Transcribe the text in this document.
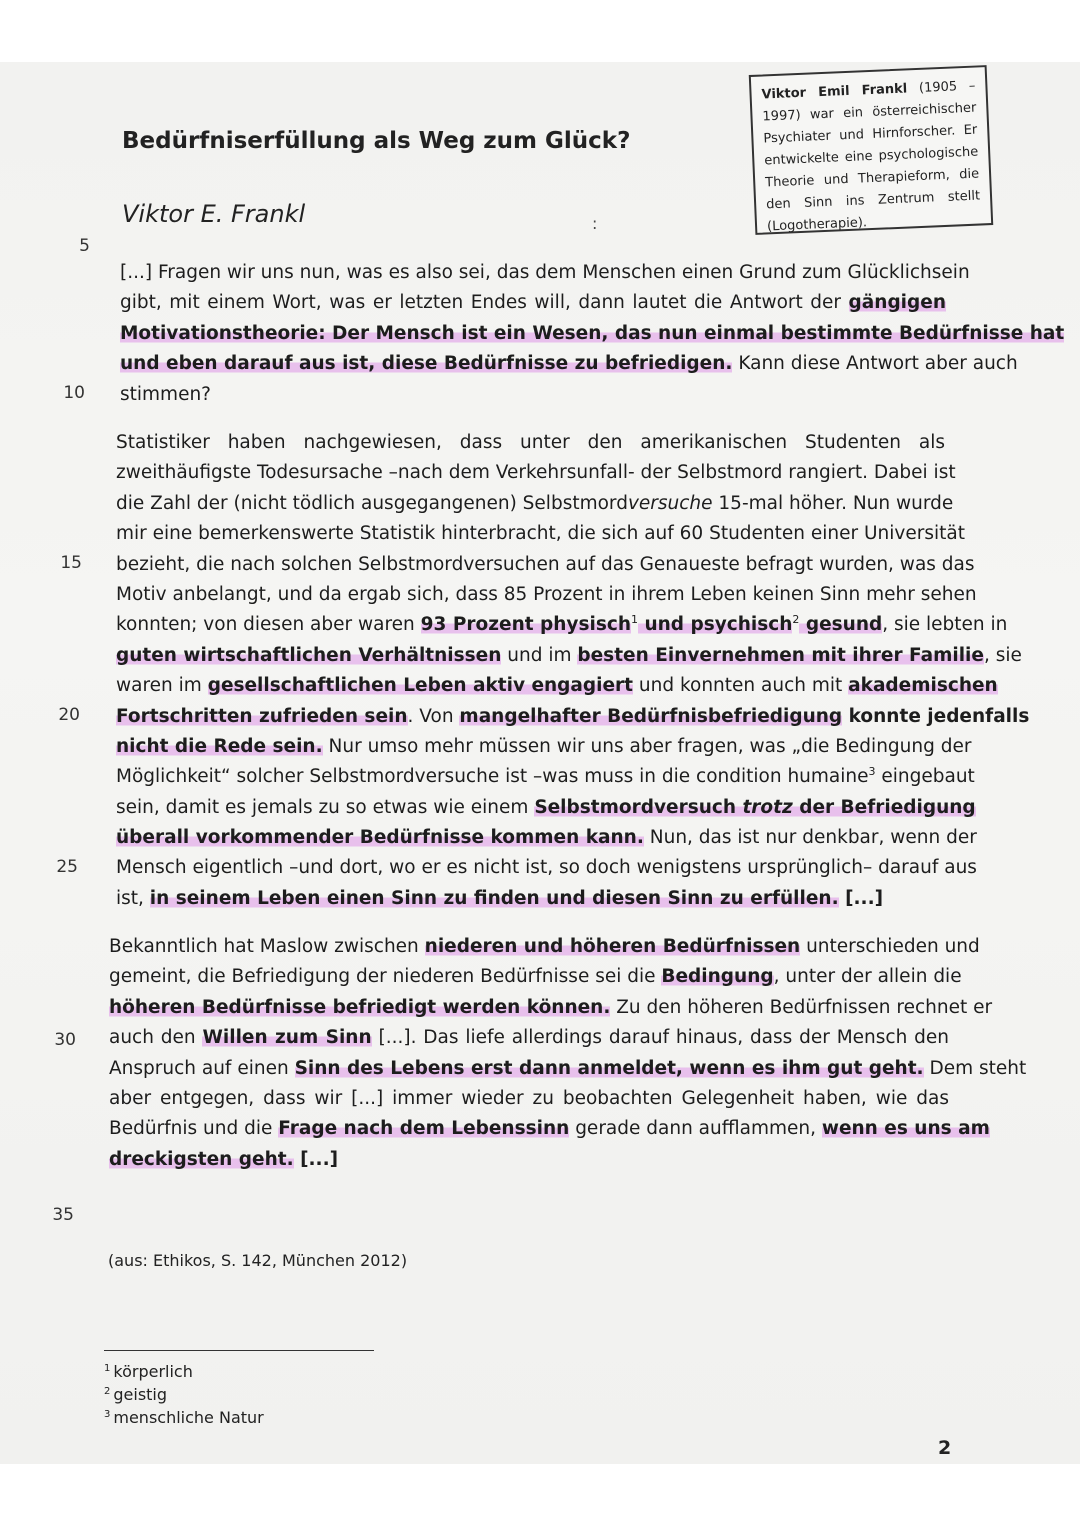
Bedürfniserfüllung als Weg zum Glück?
Viktor E. Frankl	:
Viktor Emil Frankl (1905 – 1997) war ein österreichischer Psychiater und Hirnforscher. Er entwickelte eine psychologische Theorie und Therapieform, die den Sinn ins Zentrum stellt (Logotherapie).
5
10
15
20
25
30
35
[...] Fragen wir uns nun, was es also sei, das dem Menschen einen Grund zum Glücklichsein
gibt, mit einem Wort, was er letzten Endes will, dann lautet die Antwort der gängigen
Motivationstheorie: Der Mensch ist ein Wesen, das nun einmal bestimmte Bedürfnisse hat
und eben darauf aus ist, diese Bedürfnisse zu befriedigen. Kann diese Antwort aber auch
stimmen?
Statistiker haben nachgewiesen, dass unter den amerikanischen Studenten als
zweithäufigste Todesursache –nach dem Verkehrsunfall- der Selbstmord rangiert. Dabei ist
die Zahl der (nicht tödlich ausgegangenen) Selbstmordversuche 15-mal höher. Nun wurde
mir eine bemerkenswerte Statistik hinterbracht, die sich auf 60 Studenten einer Universität
bezieht, die nach solchen Selbstmordversuchen auf das Genaueste befragt wurden, was das
Motiv anbelangt, und da ergab sich, dass 85 Prozent in ihrem Leben keinen Sinn mehr sehen
konnten; von diesen aber waren 93 Prozent physisch$^1$ und psychisch$^2$ gesund, sie lebten in
guten wirtschaftlichen Verhältnissen und im besten Einvernehmen mit ihrer Familie, sie
waren im gesellschaftlichen Leben aktiv engagiert und konnten auch mit akademischen
Fortschritten zufrieden sein. Von mangelhafter Bedürfnisbefriedigung konnte jedenfalls
nicht die Rede sein. Nur umso mehr müssen wir uns aber fragen, was „die Bedingung der
Möglichkeit“ solcher Selbstmordversuche ist –was muss in die condition humaine$^3$ eingebaut
sein, damit es jemals zu so etwas wie einem Selbstmordversuch trotz der Befriedigung
überall vorkommender Bedürfnisse kommen kann. Nun, das ist nur denkbar, wenn der
Mensch eigentlich –und dort, wo er es nicht ist, so doch wenigstens ursprünglich– darauf aus
ist, in seinem Leben einen Sinn zu finden und diesen Sinn zu erfüllen. [...]
Bekanntlich hat Maslow zwischen niederen und höheren Bedürfnissen unterschieden und
gemeint, die Befriedigung der niederen Bedürfnisse sei die Bedingung, unter der allein die
höheren Bedürfnisse befriedigt werden können. Zu den höheren Bedürfnissen rechnet er
auch den Willen zum Sinn [...]. Das liefe allerdings darauf hinaus, dass der Mensch den
Anspruch auf einen Sinn des Lebens erst dann anmeldet, wenn es ihm gut geht. Dem steht
aber entgegen, dass wir [...] immer wieder zu beobachten Gelegenheit haben, wie das
Bedürfnis und die Frage nach dem Lebenssinn gerade dann aufflammen, wenn es uns am
dreckigsten geht. [...]
(aus: Ethikos, S. 142, München 2012)
$^1$ körperlich
$^2$ geistig
$^3$ menschliche Natur
2
